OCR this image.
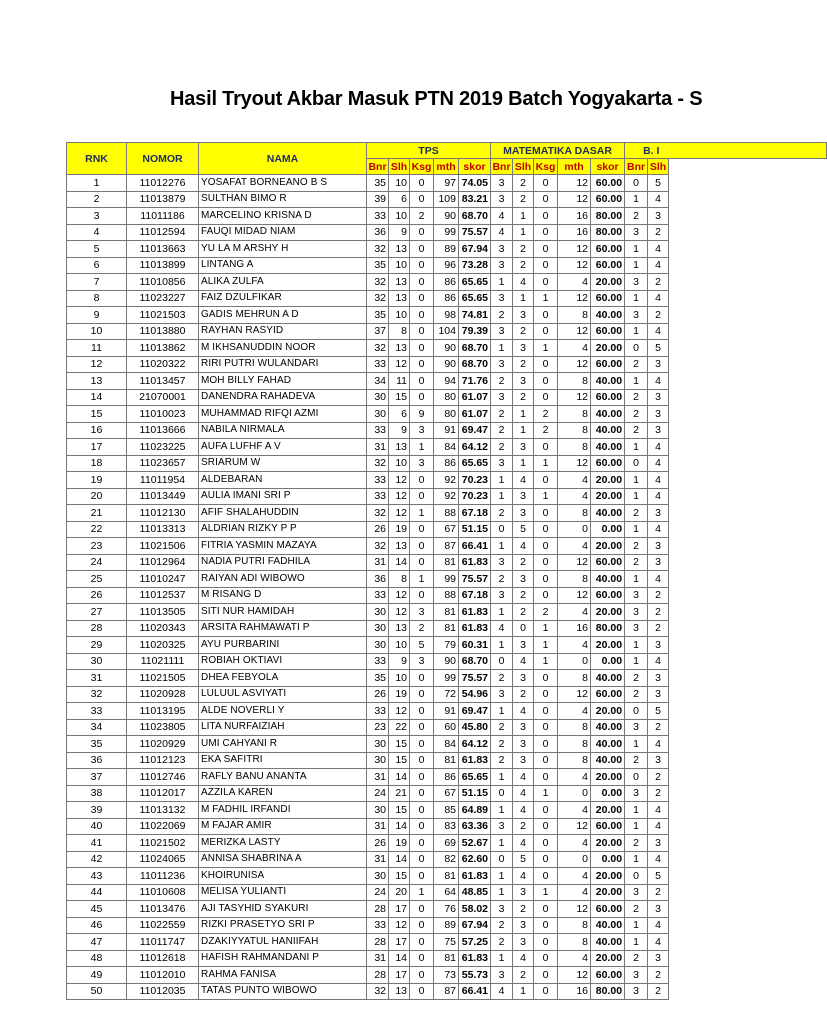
Hasil Tryout Akbar Masuk PTN 2019 Batch Yogyakarta - S
RNK	NOMOR	NAMA	TPS					MATEMATIKA DASAR					B. I		
			Bnr	Slh	Ksg	mth	skor	Bnr	Slh	Ksg	mth	skor	Bnr	Slh	
1	11012276	YOSAFAT BORNEANO B S	35	10	0	97	74.05	3	2	0	12	60.00	0	5	
2	11013879	SULTHAN BIMO R	39	6	0	109	83.21	3	2	0	12	60.00	1	4	
3	11011186	MARCELINO KRISNA D	33	10	2	90	68.70	4	1	0	16	80.00	2	3	
4	11012594	FAUQI MIDAD NIAM	36	9	0	99	75.57	4	1	0	16	80.00	3	2	
5	11013663	YU LA M ARSHY H	32	13	0	89	67.94	3	2	0	12	60.00	1	4	
6	11013899	LINTANG A	35	10	0	96	73.28	3	2	0	12	60.00	1	4	
7	11010856	ALIKA ZULFA	32	13	0	86	65.65	1	4	0	4	20.00	3	2	
8	11023227	FAIZ DZULFIKAR	32	13	0	86	65.65	3	1	1	12	60.00	1	4	
9	11021503	GADIS MEHRUN A D	35	10	0	98	74.81	2	3	0	8	40.00	3	2	
10	11013880	RAYHAN RASYID	37	8	0	104	79.39	3	2	0	12	60.00	1	4	
11	11013862	M IKHSANUDDIN NOOR	32	13	0	90	68.70	1	3	1	4	20.00	0	5	
12	11020322	RIRI PUTRI WULANDARI	33	12	0	90	68.70	3	2	0	12	60.00	2	3	
13	11013457	MOH BILLY FAHAD	34	11	0	94	71.76	2	3	0	8	40.00	1	4	
14	21070001	DANENDRA RAHADEVA	30	15	0	80	61.07	3	2	0	12	60.00	2	3	
15	11010023	MUHAMMAD RIFQI AZMI	30	6	9	80	61.07	2	1	2	8	40.00	2	3	
16	11013666	NABILA NIRMALA	33	9	3	91	69.47	2	1	2	8	40.00	2	3	
17	11023225	AUFA LUFHF A V	31	13	1	84	64.12	2	3	0	8	40.00	1	4	
18	11023657	SRIARUM W	32	10	3	86	65.65	3	1	1	12	60.00	0	4	
19	11011954	ALDEBARAN	33	12	0	92	70.23	1	4	0	4	20.00	1	4	
20	11013449	AULIA IMANI SRI P	33	12	0	92	70.23	1	3	1	4	20.00	1	4	
21	11012130	AFIF SHALAHUDDIN	32	12	1	88	67.18	2	3	0	8	40.00	2	3	
22	11013313	ALDRIAN RIZKY P P	26	19	0	67	51.15	0	5	0	0	0.00	1	4	
23	11021506	FITRIA YASMIN MAZAYA	32	13	0	87	66.41	1	4	0	4	20.00	2	3	
24	11012964	NADIA PUTRI FADHILA	31	14	0	81	61.83	3	2	0	12	60.00	2	3	
25	11010247	RAIYAN ADI WIBOWO	36	8	1	99	75.57	2	3	0	8	40.00	1	4	
26	11012537	M RISANG D	33	12	0	88	67.18	3	2	0	12	60.00	3	2	
27	11013505	SITI NUR HAMIDAH	30	12	3	81	61.83	1	2	2	4	20.00	3	2	
28	11020343	ARSITA RAHMAWATI P	30	13	2	81	61.83	4	0	1	16	80.00	3	2	
29	11020325	AYU PURBARINI	30	10	5	79	60.31	1	3	1	4	20.00	1	3	
30	11021111	ROBIAH OKTIAVI	33	9	3	90	68.70	0	4	1	0	0.00	1	4	
31	11021505	DHEA FEBYOLA	35	10	0	99	75.57	2	3	0	8	40.00	2	3	
32	11020928	LULUUL ASVIYATI	26	19	0	72	54.96	3	2	0	12	60.00	2	3	
33	11013195	ALDE NOVERLI Y	33	12	0	91	69.47	1	4	0	4	20.00	0	5	
34	11023805	LITA NURFAIZIAH	23	22	0	60	45.80	2	3	0	8	40.00	3	2	
35	11020929	UMI CAHYANI R	30	15	0	84	64.12	2	3	0	8	40.00	1	4	
36	11012123	EKA SAFITRI	30	15	0	81	61.83	2	3	0	8	40.00	2	3	
37	11012746	RAFLY BANU ANANTA	31	14	0	86	65.65	1	4	0	4	20.00	0	2	
38	11012017	AZZILA KAREN	24	21	0	67	51.15	0	4	1	0	0.00	3	2	
39	11013132	M FADHIL IRFANDI	30	15	0	85	64.89	1	4	0	4	20.00	1	4	
40	11022069	M FAJAR AMIR	31	14	0	83	63.36	3	2	0	12	60.00	1	4	
41	11021502	MERIZKA LASTY	26	19	0	69	52.67	1	4	0	4	20.00	2	3	
42	11024065	ANNISA SHABRINA A	31	14	0	82	62.60	0	5	0	0	0.00	1	4	
43	11011236	KHOIRUNISA	30	15	0	81	61.83	1	4	0	4	20.00	0	5	
44	11010608	MELISA YULIANTI	24	20	1	64	48.85	1	3	1	4	20.00	3	2	
45	11013476	AJI TASYHID SYAKURI	28	17	0	76	58.02	3	2	0	12	60.00	2	3	
46	11022559	RIZKI PRASETYO SRI P	33	12	0	89	67.94	2	3	0	8	40.00	1	4	
47	11011747	DZAKIYYATUL HANIIFAH	28	17	0	75	57.25	2	3	0	8	40.00	1	4	
48	11012618	HAFISH RAHMANDANI P	31	14	0	81	61.83	1	4	0	4	20.00	2	3	
49	11012010	RAHMA FANISA	28	17	0	73	55.73	3	2	0	12	60.00	3	2	
50	11012035	TATAS PUNTO WIBOWO	32	13	0	87	66.41	4	1	0	16	80.00	3	2	
